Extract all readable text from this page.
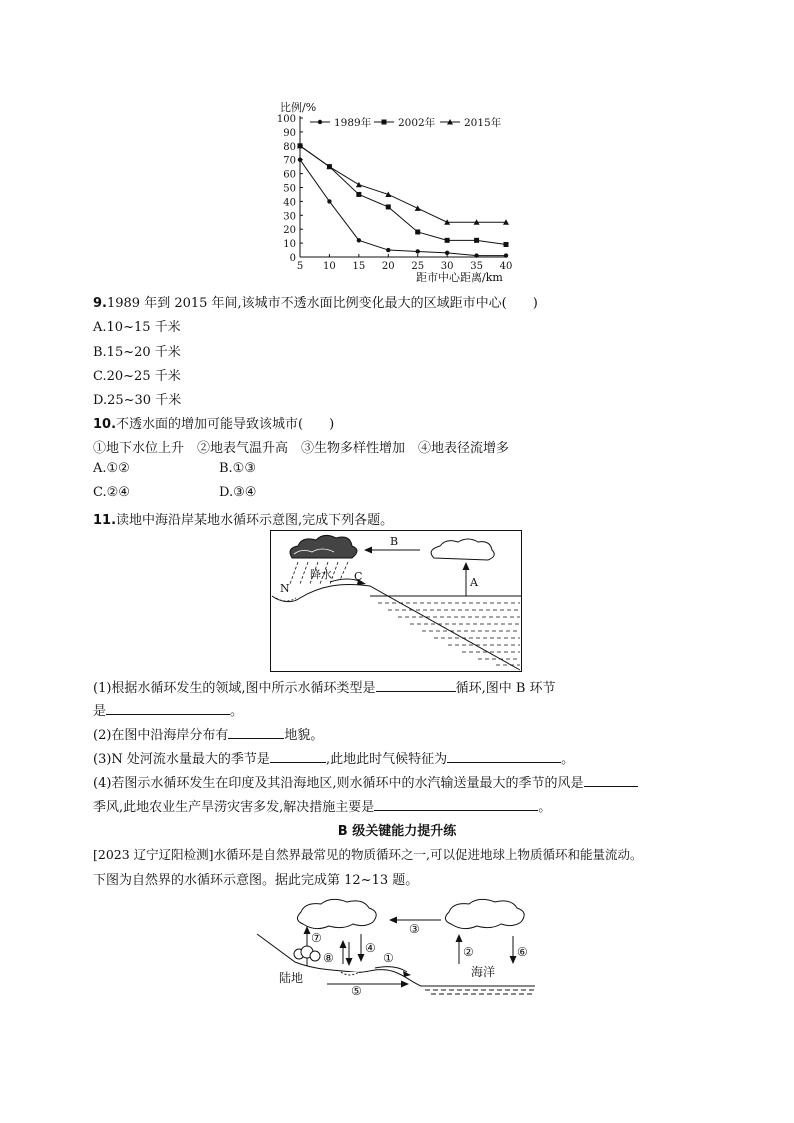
比例/%
距市中心距离/km
0
10
20
30
40
50
60
70
80
90
100
5 10 15 20 25 30 35 40
1989年	2002年	2015年
9.1989 年到 2015 年间,该城市不透水面比例变化最大的区域距市中心(　　)
A.10~15 千米
B.15~20 千米
C.20~25 千米
D.25~30 千米
10.不透水面的增加可能导致该城市(　　)
①地下水位上升　②地表气温升高　③生物多样性增加　④地表径流增多
A.①②	B.①③
C.②④	D.③④
11.读地中海沿岸某地水循环示意图,完成下列各题。
降水
B
A
C
N
(1)根据水循环发生的领域,图中所示水循环类型是	循环,图中 B 环节
是	。
(2)在图中沿海岸分布有	地貌。
(3)N 处河流水量最大的季节是	,此地此时气候特征为	。
(4)若图示水循环发生在印度及其沿海地区,则水循环中的水汽输送量最大的季节的风是
季风,此地农业生产旱涝灾害多发,解决措施主要是	。
B 级关键能力提升练
[2023 辽宁辽阳检测]水循环是自然界最常见的物质循环之一,可以促进地球上物质循环和能量流动。
下图为自然界的水循环示意图。据此完成第 12~13 题。
③
②	⑥
④
⑦
⑧	①
⑤
陆地	海洋
